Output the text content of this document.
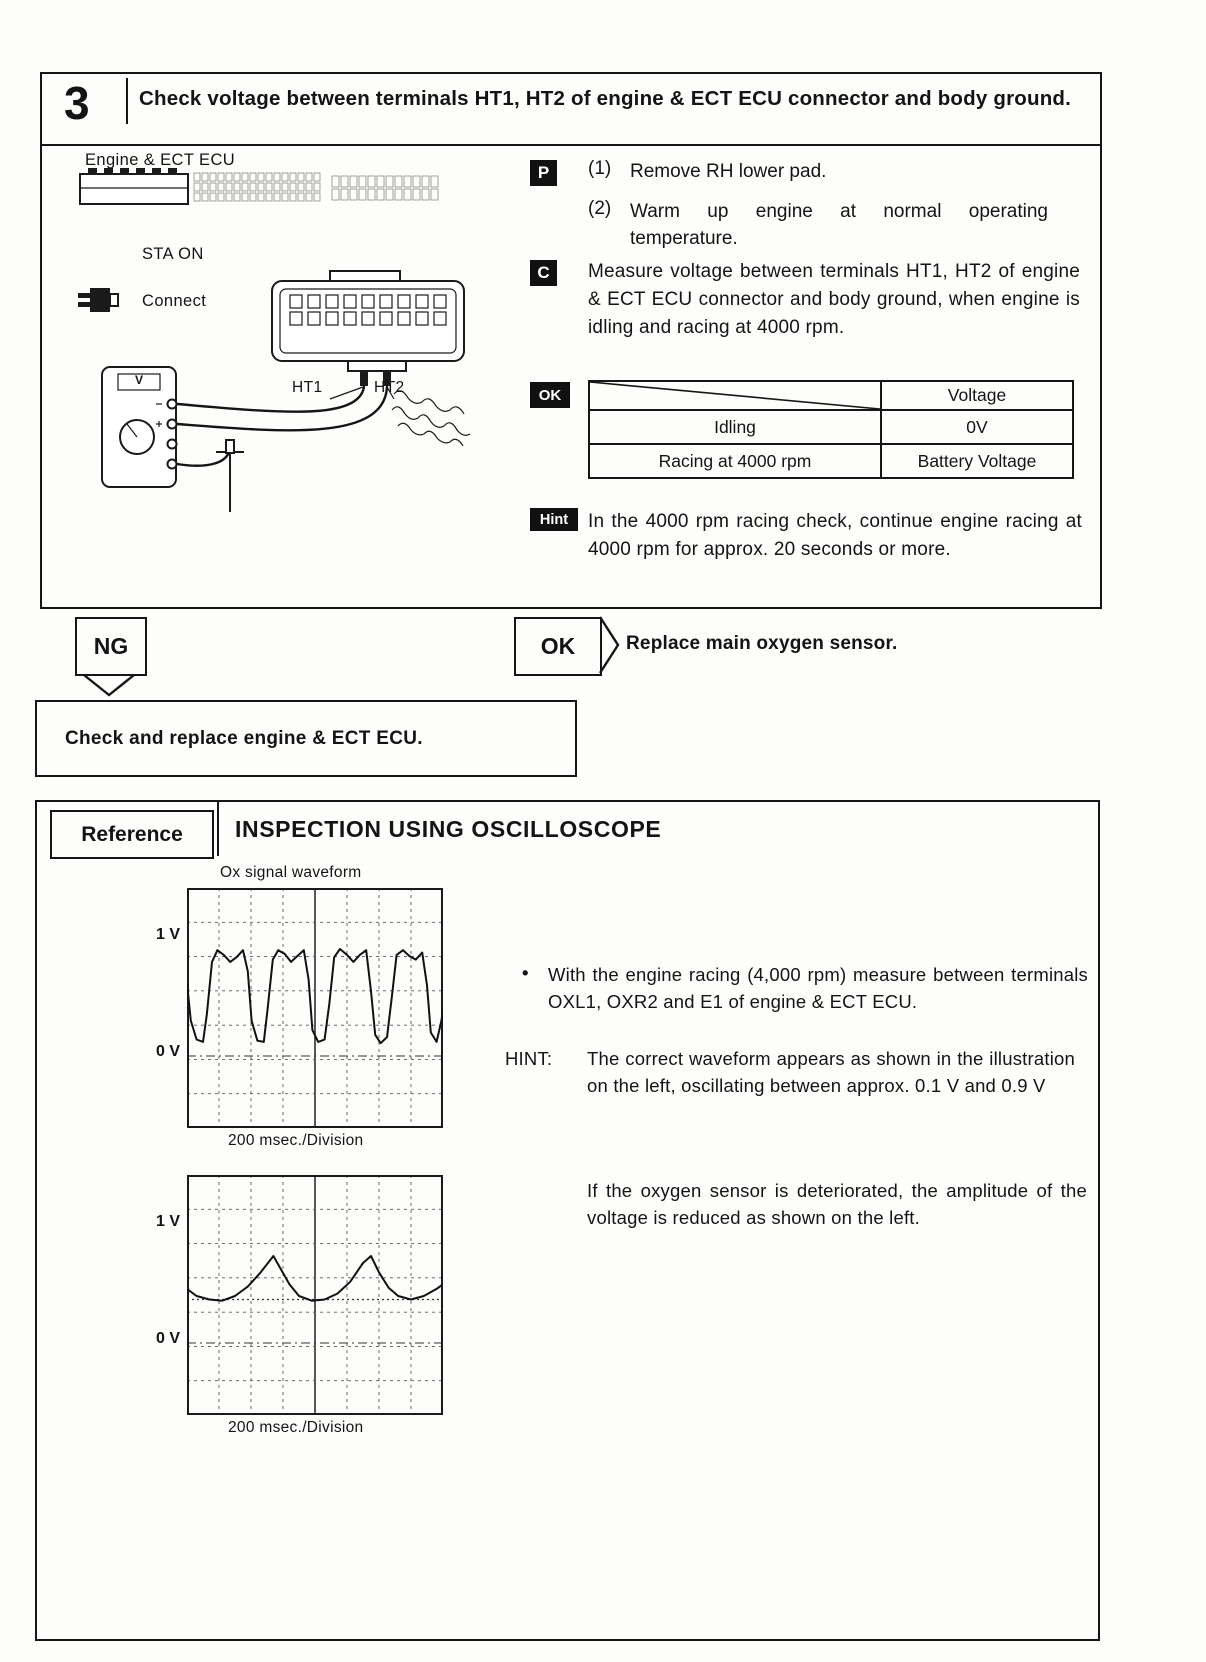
3 Check voltage between terminals HT1, HT2 of engine & ECT ECU connector and body ground.
Engine & ECT ECU
STA ON
Connect
HT1	HT2
V
P	(1) Remove RH lower pad.
(2) Warm up engine at normal operating temperature.
C	Measure voltage between terminals HT1, HT2 of engine & ECT ECU connector and body ground, when engine is idling and racing at 4000 rpm.

OK
		Voltage
Idling	0V
Racing at 4000 rpm	Battery Voltage
Hint	In the 4000 rpm racing check, continue engine racing at 4000 rpm for approx. 20 seconds or more.

NG	OK	Replace main oxygen sensor.
Check and replace engine & ECT ECU.
Reference	INSPECTION USING OSCILLOSCOPE
Ox signal waveform
1 V
0 V
200 msec./Division
•	With the engine racing (4,000 rpm) measure between terminals OXL1, OXR2 and E1 of engine & ECT ECU.
HINT:	The correct waveform appears as shown in the illustration on the left, oscillating between approx. 0.1 V and 0.9 V
If the oxygen sensor is deteriorated, the amplitude of the voltage is reduced as shown on the left.
1 V
0 V
200 msec./Division
